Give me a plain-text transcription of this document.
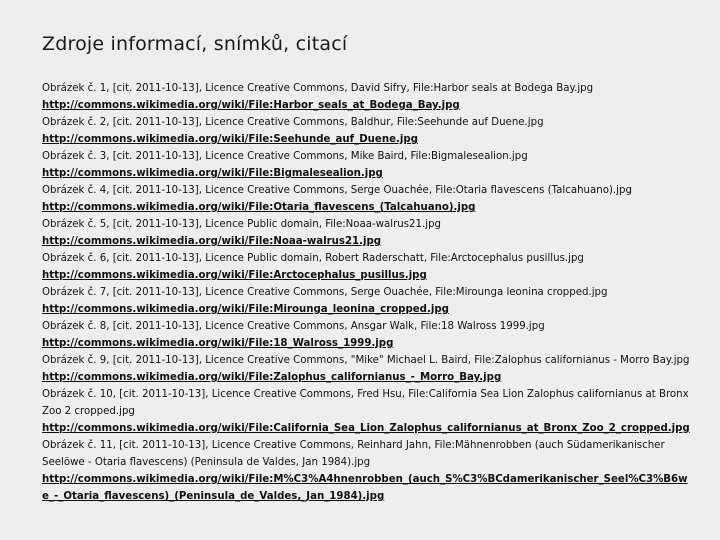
Zdroje informací, snímků, citací
Obrázek č. 1, [cit. 2011-10-13], Licence Creative Commons, David Sifry, File:Harbor seals at Bodega Bay.jpg
http://commons.wikimedia.org/wiki/File:Harbor_seals_at_Bodega_Bay.jpg
Obrázek č. 2, [cit. 2011-10-13], Licence Creative Commons, Baldhur, File:Seehunde auf Duene.jpg
http://commons.wikimedia.org/wiki/File:Seehunde_auf_Duene.jpg
Obrázek č. 3, [cit. 2011-10-13], Licence Creative Commons, Mike Baird, File:Bigmalesealion.jpg
http://commons.wikimedia.org/wiki/File:Bigmalesealion.jpg
Obrázek č. 4, [cit. 2011-10-13], Licence Creative Commons, Serge Ouachée, File:Otaria flavescens (Talcahuano).jpg
http://commons.wikimedia.org/wiki/File:Otaria_flavescens_(Talcahuano).jpg
Obrázek č. 5, [cit. 2011-10-13], Licence Public domain, File:Noaa-walrus21.jpg
http://commons.wikimedia.org/wiki/File:Noaa-walrus21.jpg
Obrázek č. 6, [cit. 2011-10-13], Licence Public domain, Robert Raderschatt, File:Arctocephalus pusillus.jpg
http://commons.wikimedia.org/wiki/File:Arctocephalus_pusillus.jpg
Obrázek č. 7, [cit. 2011-10-13], Licence Creative Commons, Serge Ouachée, File:Mirounga leonina cropped.jpg
http://commons.wikimedia.org/wiki/File:Mirounga_leonina_cropped.jpg
Obrázek č. 8, [cit. 2011-10-13], Licence Creative Commons, Ansgar Walk, File:18 Walross 1999.jpg
http://commons.wikimedia.org/wiki/File:18_Walross_1999.jpg
Obrázek č. 9, [cit. 2011-10-13], Licence Creative Commons, "Mike" Michael L. Baird, File:Zalophus californianus - Morro Bay.jpg
http://commons.wikimedia.org/wiki/File:Zalophus_californianus_-_Morro_Bay.jpg
Obrázek č. 10, [cit. 2011-10-13], Licence Creative Commons, Fred Hsu, File:California Sea Lion Zalophus californianus at Bronx Zoo 2 cropped.jpg
http://commons.wikimedia.org/wiki/File:California_Sea_Lion_Zalophus_californianus_at_Bronx_Zoo_2_cropped.jpg
Obrázek č. 11, [cit. 2011-10-13], Licence Creative Commons, Reinhard Jahn, File:Mähnenrobben (auch Südamerikanischer Seelöwe - Otaria flavescens) (Peninsula de Valdes, Jan 1984).jpg
http://commons.wikimedia.org/wiki/File:M%C3%A4hnenrobben_(auch_S%C3%BCdamerikanischer_Seel%C3%B6we_-_Otaria_flavescens)_(Peninsula_de_Valdes,_Jan_1984).jpg
